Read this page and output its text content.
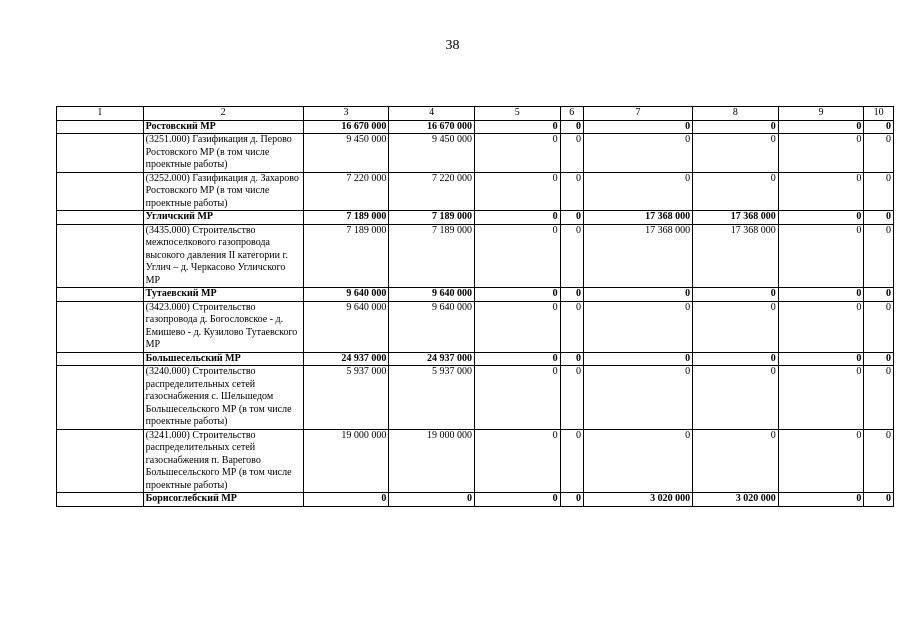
38
1	2	3	4	5	6	7	8	9	10
	Ростовский МР	16 670 000	16 670 000	0	0	0	0	0	0
	(3251.000) Газификация д. Перово Ростовского МР (в том числе проектные работы)	9 450 000	9 450 000	0	0	0	0	0	0
	(3252.000) Газификация д. Захарово Ростовского МР (в том числе проектные работы)	7 220 000	7 220 000	0	0	0	0	0	0
	Угличский МР	7 189 000	7 189 000	0	0	17 368 000	17 368 000	0	0
	(3435.000) Строительство межпоселкового газопровода высокого давления II категории г. Углич – д. Черкасово Угличского МР	7 189 000	7 189 000	0	0	17 368 000	17 368 000	0	0
	Тутаевский МР	9 640 000	9 640 000	0	0	0	0	0	0
	(3423.000) Строительство газопровода д. Богословское - д. Емишево - д. Кузилово Тутаевского МР	9 640 000	9 640 000	0	0	0	0	0	0
	Большесельский МР	24 937 000	24 937 000	0	0	0	0	0	0
	(3240.000) Строительство распределительных сетей газоснабжения с. Шельшедом Большесельского МР (в том числе проектные работы)	5 937 000	5 937 000	0	0	0	0	0	0
	(3241.000) Строительство распределительных сетей газоснабжения п. Варегово Большесельского МР (в том числе проектные работы)	19 000 000	19 000 000	0	0	0	0	0	0
	Борисоглебский МР	0	0	0	0	3 020 000	3 020 000	0	0
